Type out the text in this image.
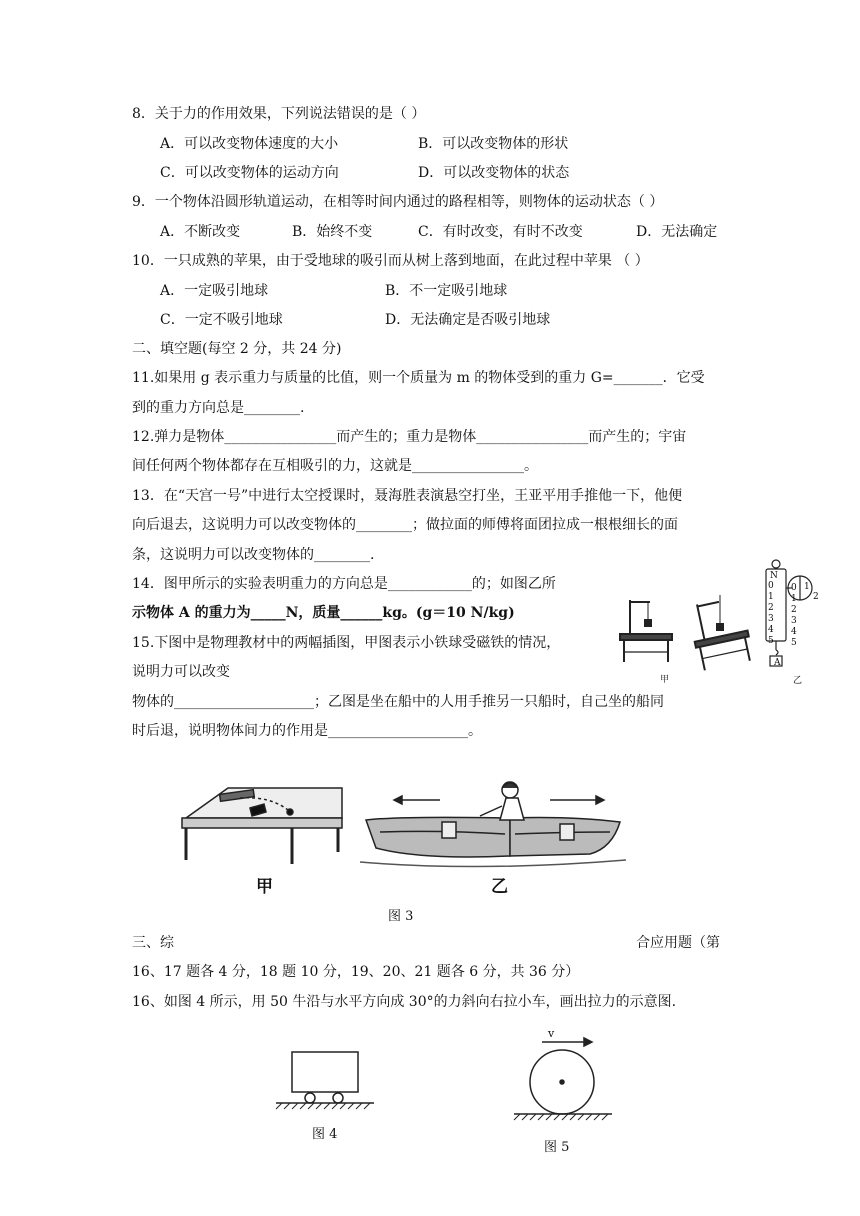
8．关于力的作用效果，下列说法错误的是（ ）
A．可以改变物体速度的大小	B．可以改变物体的形状
C．可以改变物体的运动方向	D．可以改变物体的状态
9．一个物体沿圆形轨道运动，在相等时间内通过的路程相等，则物体的运动状态（ ）
A．不断改变	B．始终不变	C．有时改变，有时不改变	D．无法确定
10．一只成熟的苹果，由于受地球的吸引而从树上落到地面，在此过程中苹果 （ ）
A．一定吸引地球	B．不一定吸引地球
C．一定不吸引地球	D．无法确定是否吸引地球
二、填空题(每空 2 分，共 24 分)
11.如果用 g 表示重力与质量的比值，则一个质量为 m 的物体受到的重力 G=_______．它受
到的重力方向总是________.
12.弹力是物体________________而产生的；重力是物体________________而产生的；宇宙
间任何两个物体都存在互相吸引的力，这就是________________。
13．在“天宫一号”中进行太空授课时，聂海胜表演悬空打坐，王亚平用手推他一下，他便
向后退去，这说明力可以改变物体的________；做拉面的师傅将面团拉成一根根细长的面
条，这说明力可以改变物体的________.
14．图甲所示的实验表明重力的方向总是____________的；如图乙所
示物体 A 的重力为_____N，质量______kg。(g＝10 N/kg)
15.下图中是物理教材中的两幅插图，甲图表示小铁球受磁铁的情况，
说明力可以改变
物体的____________________；乙图是坐在船中的人用手推另一只船时，自己坐的船同
时后退，说明物体间力的作用是____________________。
甲
N
0
1
2
3
4
5
0
1
2
3
4
5
1
2
A
乙
甲	乙
图 3
三、综	合应用题（第
16、17 题各 4 分，18 题 10 分，19、20、21 题各 6 分，共 36 分）
16、如图 4 所示，用 50 牛沿与水平方向成 30°的力斜向右拉小车，画出拉力的示意图.
图 4
v
图 5
